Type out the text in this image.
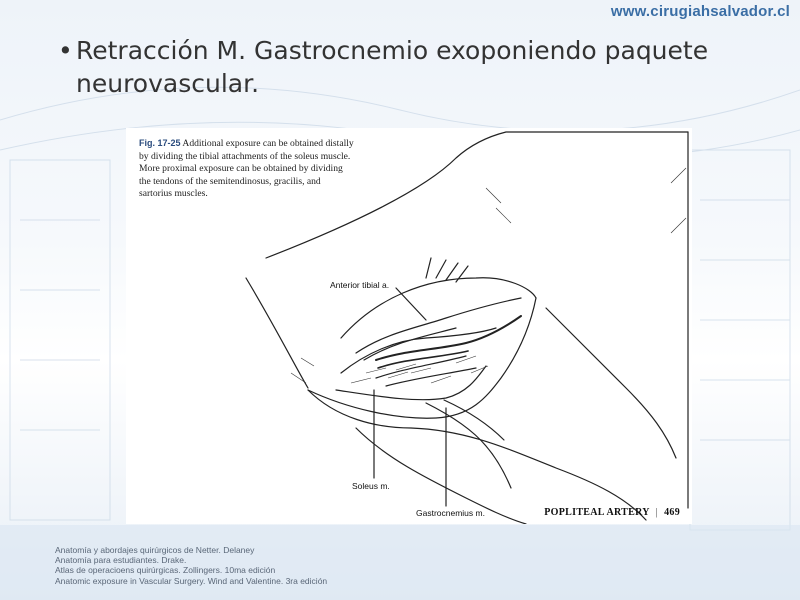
www.cirugiahsalvador.cl
• Retracción M. Gastrocnemio exoponiendo paquete neurovascular.
Fig. 17-25 Additional exposure can be obtained distally by dividing the tibial attachments of the soleus muscle. More proximal exposure can be obtained by dividing the tendons of the semitendinosus, gracilis, and sartorius muscles.
Anterior tibial a.
Soleus m.
Gastrocnemius m.	POPLITEAL ARTERY | 469
Anatomía y abordajes quirúrgicos de Netter. Delaney
Anatomía para estudiantes. Drake.
Atlas de operacioens quirúrgicas. Zollingers. 10ma edición
Anatomic exposure in Vascular Surgery. Wind and Valentine. 3ra edición
